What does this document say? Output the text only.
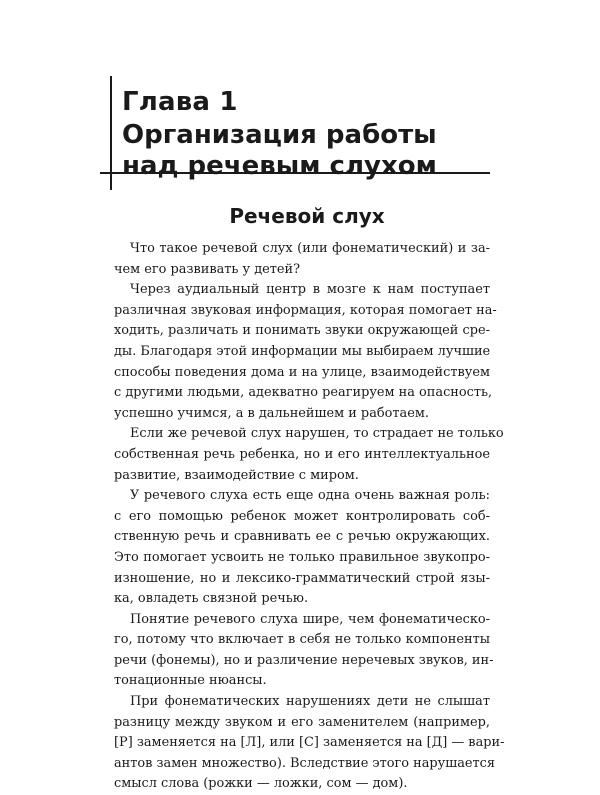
Глава 1
Организация работы
над речевым слухом
Речевой слух

Что такое речевой слух (или фонематический) и за-
чем его развивать у детей?

Через аудиальный центр в мозге к нам поступает
различная звуковая информация, которая помогает на-
ходить, различать и понимать звуки окружающей сре-
ды. Благодаря этой информации мы выбираем лучшие
способы поведения дома и на улице, взаимодействуем
с другими людьми, адекватно реагируем на опасность,
успешно учимся, а в дальнейшем и работаем.

Если же речевой слух нарушен, то страдает не только
собственная речь ребенка, но и его интеллектуальное
развитие, взаимодействие с миром.

У речевого слуха есть еще одна очень важная роль:
с его помощью ребенок может контролировать соб-
ственную речь и сравнивать ее с речью окружающих.
Это помогает усвоить не только правильное звукопро-
изношение, но и лексико-грамматический строй язы-
ка, овладеть связной речью.

Понятие речевого слуха шире, чем фонематическо-
го, потому что включает в себя не только компоненты
речи (фонемы), но и различение неречевых звуков, ин-
тонационные нюансы.

При фонематических нарушениях дети не слышат
разницу между звуком и его заменителем (например,
[Р] заменяется на [Л], или [С] заменяется на [Д] — вари-
антов замен множество). Вследствие этого нарушается
смысл слова (рожки — ложки, сом — дом).
